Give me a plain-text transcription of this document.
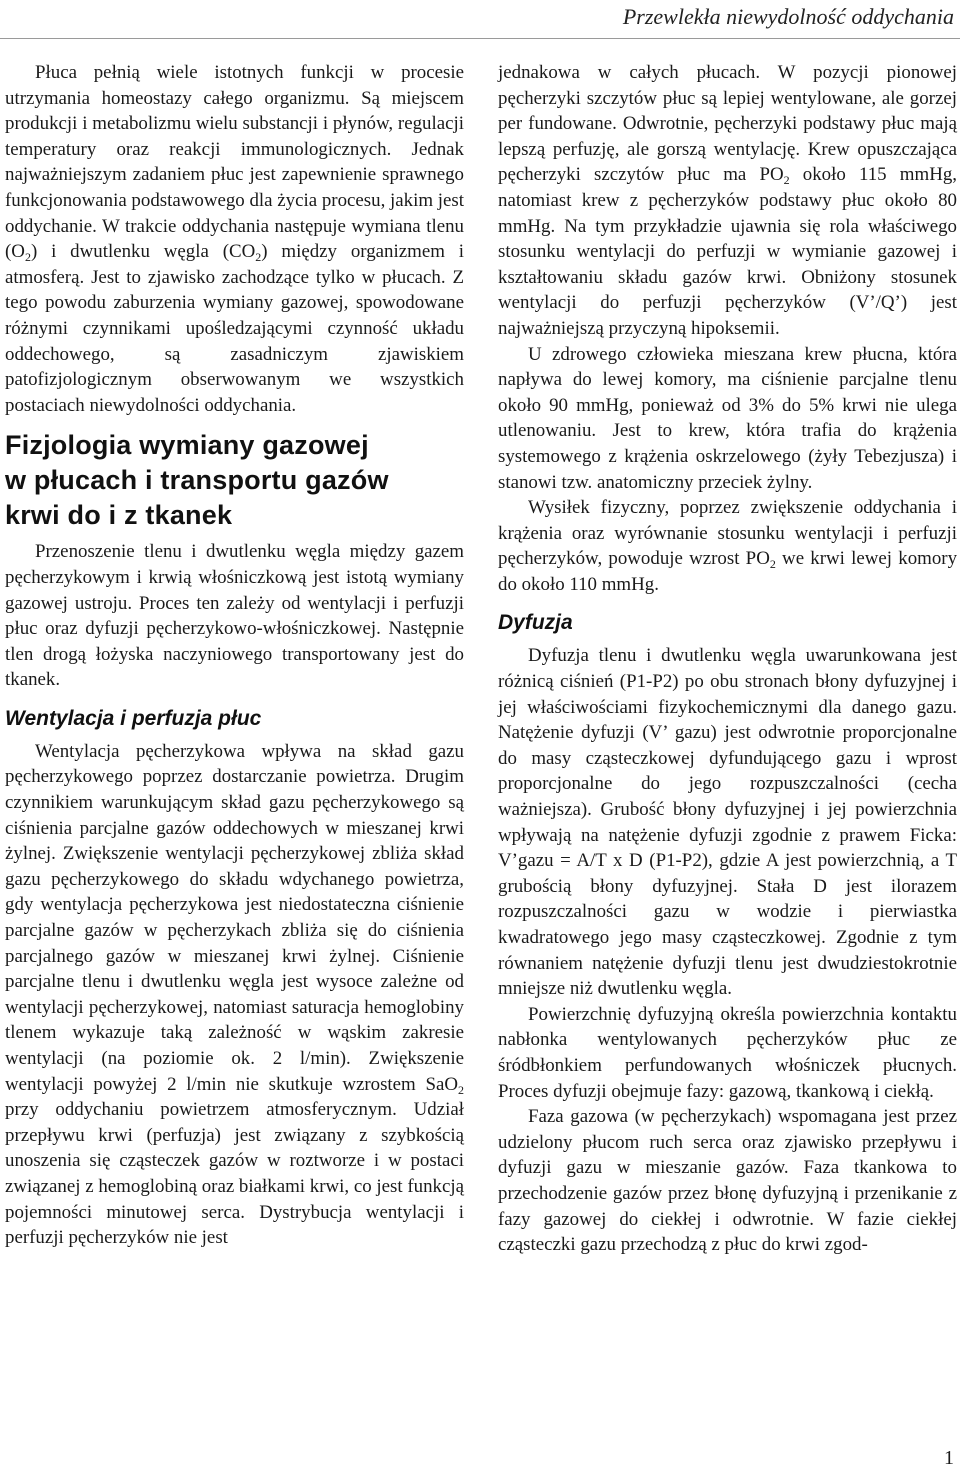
Przewlekła niewydolność oddychania

Płuca pełnią wiele istotnych funkcji w procesie utrzymania homeostazy całego organizmu. Są miejscem produkcji i metabolizmu wielu substancji i płynów, regulacji temperatury oraz reakcji immunologicznych. Jednak najważniejszym zadaniem płuc jest zapewnienie sprawnego funkcjonowania podstawowego dla życia procesu, jakim jest oddychanie. W trakcie oddychania następuje wymiana tlenu $(O_2)$ i dwutlenku węgla $(CO_2)$ między organizmem i atmosferą. Jest to zjawisko zachodzące tylko w płucach. Z tego powodu zaburzenia wymiany gazowej, spowodowane różnymi czynnikami upośledzającymi czynność układu oddechowego, są zasadniczym zjawiskiem patofizjologicznym obserwowanym we wszystkich postaciach niewydolności oddychania.

Fizjologia wymiany gazowej
w płucach i transportu gazów
krwi do i z tkanek

Przenoszenie tlenu i dwutlenku węgla między gazem pęcherzykowym i krwią włośniczkową jest istotą wymiany gazowej ustroju. Proces ten zależy od wentylacji i perfuzji płuc oraz dyfuzji pęcherzykowo-włośniczkowej. Następnie tlen drogą łożyska naczyniowego transportowany jest do tkanek.

Wentylacja i perfuzja płuc

Wentylacja pęcherzykowa wpływa na skład gazu pęcherzykowego poprzez dostarczanie powietrza. Drugim czynnikiem warunkującym skład gazu pęcherzykowego są ciśnienia parcjalne gazów oddechowych w mieszanej krwi żylnej. Zwiększenie wentylacji pęcherzykowej zbliża skład gazu pęcherzykowego do składu wdychanego powietrza, gdy wentylacja pęcherzykowa jest niedostateczna ciśnienie parcjalne gazów w pęcherzykach zbliża się do ciśnienia parcjalnego gazów w mieszanej krwi żylnej. Ciśnienie parcjalne tlenu i dwutlenku węgla jest wysoce zależne od wentylacji pęcherzykowej, natomiast saturacja hemoglobiny tlenem wykazuje taką zależność w wąskim zakresie wentylacji (na poziomie ok. 2 l/min). Zwiększenie wentylacji powyżej 2 l/min nie skutkuje wzrostem SaO$_2$ przy oddychaniu powietrzem atmosferycznym. Udział przepływu krwi (perfuzja) jest związany z szybkością unoszenia się cząsteczek gazów w roztworze i w postaci związanej z hemoglobiną oraz białkami krwi, co jest funkcją pojemności minutowej serca. Dystrybucja wentylacji i perfuzji pęcherzyków nie jest

jednakowa w całych płucach. W pozycji pionowej pęcherzyki szczytów płuc są lepiej wentylowane, ale gorzej per fundowane. Odwrotnie, pęcherzyki podstawy płuc mają lepszą perfuzję, ale gorszą wentylację. Krew opuszczająca pęcherzyki szczytów płuc ma $PO_2$ około 115 mmHg, natomiast krew z pęcherzyków podstawy płuc około 80 mmHg. Na tym przykładzie ujawnia się rola właściwego stosunku wentylacji do perfuzji w wymianie gazowej i kształtowaniu składu gazów krwi. Obniżony stosunek wentylacji do perfuzji pęcherzyków (V’/Q’) jest najważniejszą przyczyną hipoksemii.

U zdrowego człowieka mieszana krew płucna, która napływa do lewej komory, ma ciśnienie parcjalne tlenu około 90 mmHg, ponieważ od 3% do 5% krwi nie ulega utlenowaniu. Jest to krew, która trafia do krążenia systemowego z krążenia oskrzelowego (żyły Tebezjusza) i stanowi tzw. anatomiczny przeciek żylny.

Wysiłek fizyczny, poprzez zwiększenie oddychania i krążenia oraz wyrównanie stosunku wentylacji i perfuzji pęcherzyków, powoduje wzrost $PO_2$ we krwi lewej komory do około 110 mmHg.

Dyfuzja

Dyfuzja tlenu i dwutlenku węgla uwarunkowana jest różnicą ciśnień (P1-P2) po obu stronach błony dyfuzyjnej i jej właściwościami fizykochemicznymi dla danego gazu. Natężenie dyfuzji (V’ gazu) jest odwrotnie proporcjonalne do masy cząsteczkowej dyfundującego gazu i wprost proporcjonalne do jego rozpuszczalności (cecha ważniejsza). Grubość błony dyfuzyjnej i jej powierzchnia wpływają na natężenie dyfuzji zgodnie z prawem Ficka: V’gazu = A/T x D (P1-P2), gdzie A jest powierzchnią, a T grubością błony dyfuzyjnej. Stała D jest ilorazem rozpuszczalności gazu w wodzie i pierwiastka kwadratowego jego masy cząsteczkowej. Zgodnie z tym równaniem natężenie dyfuzji tlenu jest dwudziestokrotnie mniejsze niż dwutlenku węgla.

Powierzchnię dyfuzyjną określa powierzchnia kontaktu nabłonka wentylowanych pęcherzyków płuc ze śródbłonkiem perfundowanych włośniczek płucnych. Proces dyfuzji obejmuje fazy: gazową, tkankową i ciekłą.

Faza gazowa (w pęcherzykach) wspomagana jest przez udzielony płucom ruch serca oraz zjawisko przepływu i dyfuzji gazu w mieszanie gazów. Faza tkankowa to przechodzenie gazów przez błonę dyfuzyjną i przenikanie z fazy gazowej do ciekłej i odwrotnie. W fazie ciekłej cząsteczki gazu przechodzą z płuc do krwi zgod-

1
